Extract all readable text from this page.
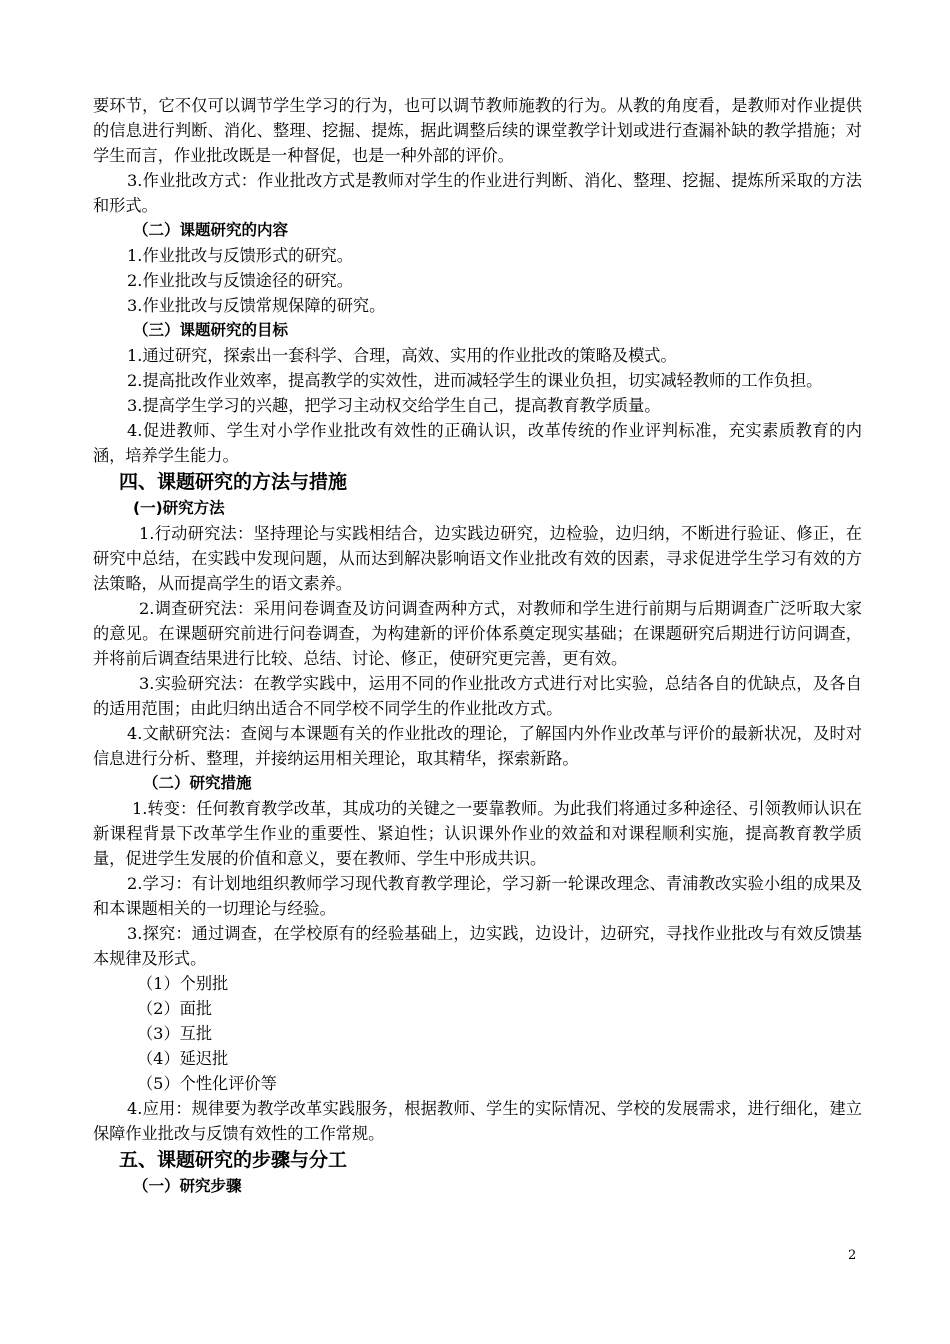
要环节，它不仅可以调节学生学习的行为，也可以调节教师施教的行为。从教的角度看，是教师对作业提供的信息进行判断、消化、整理、挖掘、提炼，据此调整后续的课堂教学计划或进行查漏补缺的教学措施；对学生而言，作业批改既是一种督促，也是一种外部的评价。

3.作业批改方式：作业批改方式是教师对学生的作业进行判断、消化、整理、挖掘、提炼所采取的方法和形式。

（二）课题研究的内容

1.作业批改与反馈形式的研究。

2.作业批改与反馈途径的研究。

3.作业批改与反馈常规保障的研究。

（三）课题研究的目标

1.通过研究，探索出一套科学、合理，高效、实用的作业批改的策略及模式。

2.提高批改作业效率，提高教学的实效性，进而减轻学生的课业负担，切实减轻教师的工作负担。

3.提高学生学习的兴趣，把学习主动权交给学生自己，提高教育教学质量。

4.促进教师、学生对小学作业批改有效性的正确认识，改革传统的作业评判标准，充实素质教育的内涵，培养学生能力。

四、课题研究的方法与措施

(一)研究方法

1.行动研究法：坚持理论与实践相结合，边实践边研究，边检验，边归纳，不断进行验证、修正，在研究中总结，在实践中发现问题，从而达到解决影响语文作业批改有效的因素，寻求促进学生学习有效的方法策略，从而提高学生的语文素养。

2.调查研究法：采用问卷调查及访问调查两种方式，对教师和学生进行前期与后期调查广泛听取大家的意见。在课题研究前进行问卷调查，为构建新的评价体系奠定现实基础；在课题研究后期进行访问调查，并将前后调查结果进行比较、总结、讨论、修正，使研究更完善，更有效。

3.实验研究法：在教学实践中，运用不同的作业批改方式进行对比实验，总结各自的优缺点，及各自的适用范围；由此归纳出适合不同学校不同学生的作业批改方式。

4.文献研究法：查阅与本课题有关的作业批改的理论，了解国内外作业改革与评价的最新状况，及时对信息进行分析、整理，并接纳运用相关理论，取其精华，探索新路。

（二）研究措施

1.转变：任何教育教学改革，其成功的关键之一要靠教师。为此我们将通过多种途径、引领教师认识在新课程背景下改革学生作业的重要性、紧迫性；认识课外作业的效益和对课程顺利实施，提高教育教学质量，促进学生发展的价值和意义，要在教师、学生中形成共识。

2.学习：有计划地组织教师学习现代教育教学理论，学习新一轮课改理念、青浦教改实验小组的成果及和本课题相关的一切理论与经验。

3.探究：通过调查，在学校原有的经验基础上，边实践，边设计，边研究，寻找作业批改与有效反馈基本规律及形式。

（1）个别批

（2）面批

（3）互批

（4）延迟批

（5）个性化评价等

4.应用：规律要为教学改革实践服务，根据教师、学生的实际情况、学校的发展需求，进行细化，建立保障作业批改与反馈有效性的工作常规。

五、课题研究的步骤与分工

（一）研究步骤

2
